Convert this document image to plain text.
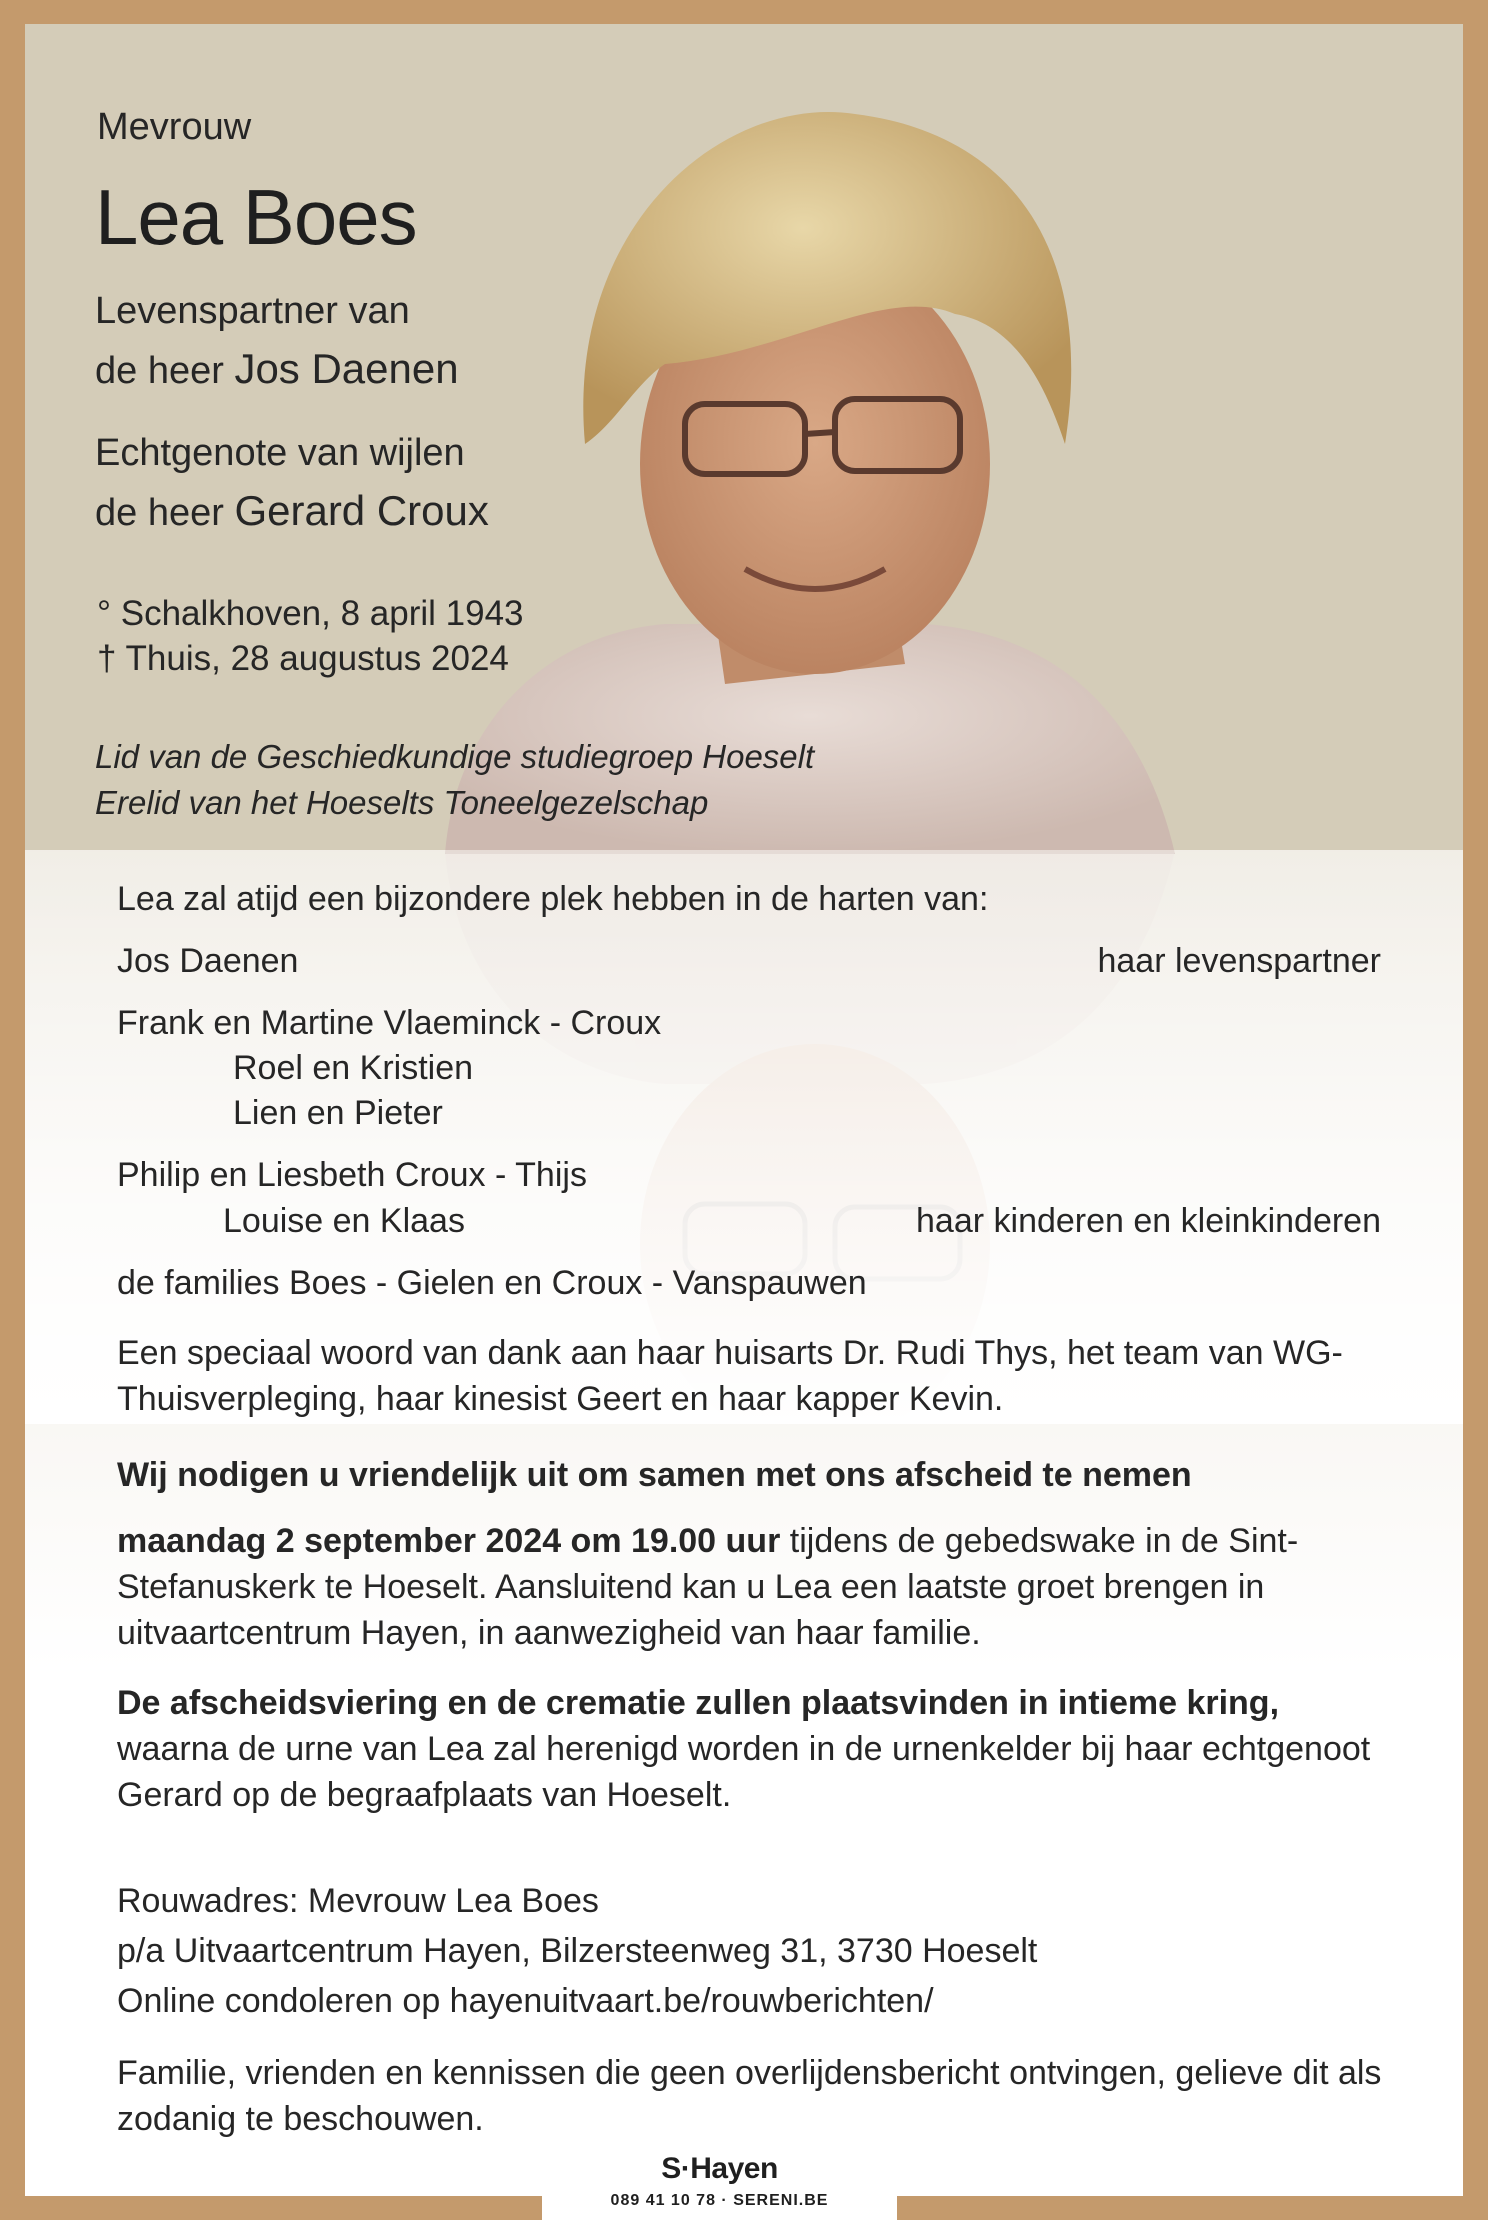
Mevrouw
Lea Boes
Levenspartner van
de heer Jos Daenen
Echtgenote van wijlen
de heer Gerard Croux
° Schalkhoven, 8 april 1943
† Thuis, 28 augustus 2024
Lid van de Geschiedkundige studiegroep Hoeselt
Erelid van het Hoeselts Toneelgezelschap
Lea zal atijd een bijzondere plek hebben in de harten van:
Jos Daenen	haar levenspartner
Frank en Martine Vlaeminck - Croux
Roel en Kristien
Lien en Pieter
Philip en Liesbeth Croux - Thijs
Louise en Klaas	haar kinderen en kleinkinderen
de families Boes - Gielen en Croux - Vanspauwen
Een speciaal woord van dank aan haar huisarts Dr. Rudi Thys, het team van WG-Thuisverpleging, haar kinesist Geert en haar kapper Kevin.
Wij nodigen u vriendelijk uit om samen met ons afscheid te nemen
maandag 2 september 2024 om 19.00 uur tijdens de gebedswake in de Sint-Stefanuskerk te Hoeselt. Aansluitend kan u Lea een laatste groet brengen in uitvaartcentrum Hayen, in aanwezigheid van haar familie.
De afscheidsviering en de crematie zullen plaatsvinden in intieme kring, waarna de urne van Lea zal herenigd worden in de urnenkelder bij haar echtgenoot Gerard op de begraafplaats van Hoeselt.
Rouwadres: Mevrouw Lea Boes
p/a Uitvaartcentrum Hayen, Bilzersteenweg 31, 3730 Hoeselt
Online condoleren op hayenuitvaart.be/rouwberichten/
Familie, vrienden en kennissen die geen overlijdensbericht ontvingen, gelieve dit als zodanig te beschouwen.
S·Hayen
089 41 10 78 · SERENI.BE
